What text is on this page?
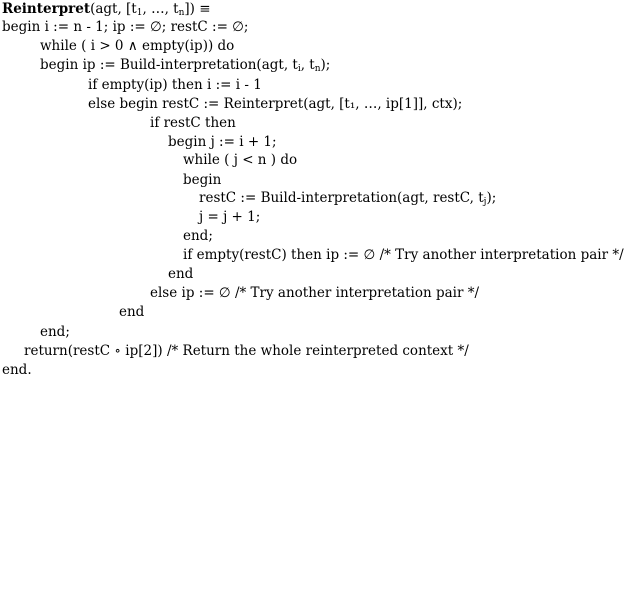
Reinterpret(agt, [$t_1$, …, $t_n$]) ≡
begin i := n - 1; ip := ∅; restC := ∅;
while ( i > 0 ∧ empty(ip)) do
begin ip := Build-interpretation(agt, $t_i$, $t_n$);
if empty(ip) then i := i - 1
else begin restC := Reinterpret(agt, [t₁, …, ip[1]], ctx);
if restC then
begin j := i + 1;
while ( j < n ) do
begin
restC := Build-interpretation(agt, restC, $t_j$);
j = j + 1;
end;
if empty(restC) then ip := ∅ /* Try another interpretation pair */
end
else ip := ∅ /* Try another interpretation pair */
end
end;
return(restC ∘ ip[2]) /* Return the whole reinterpreted context */
end.
